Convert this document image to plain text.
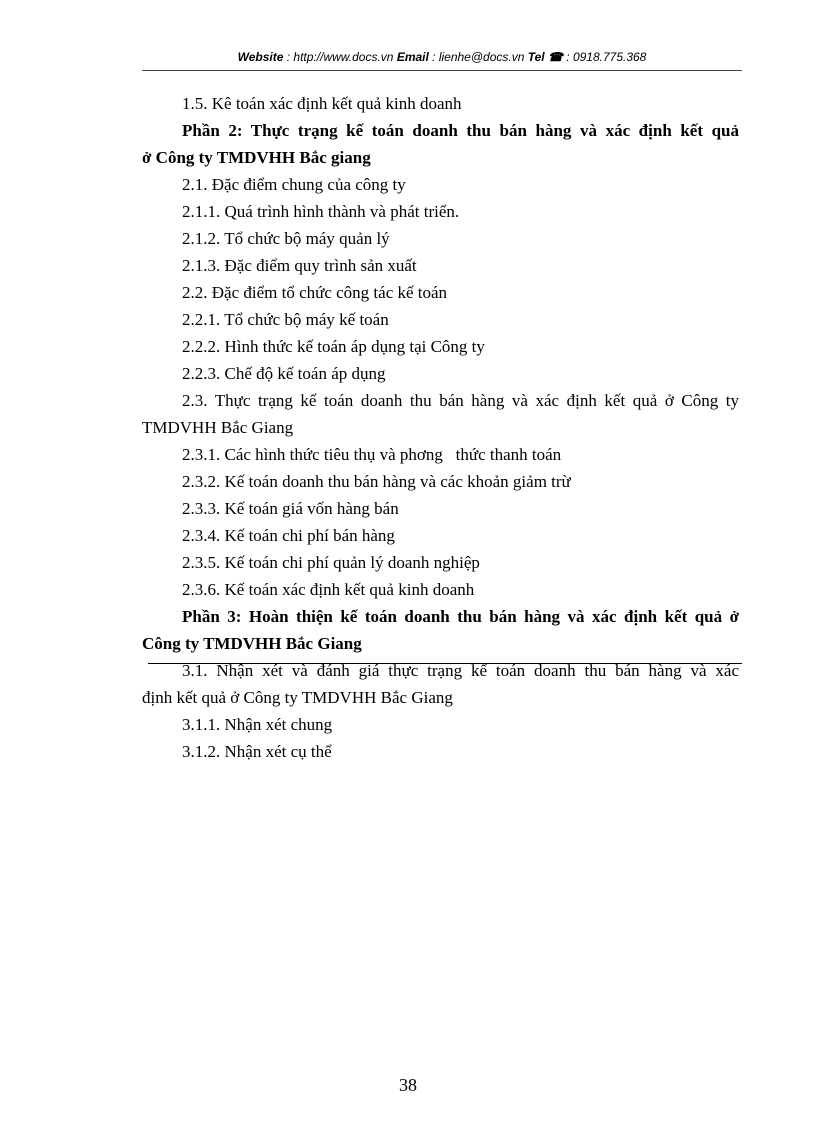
Website : http://www.docs.vn Email : lienhe@docs.vn Tel ☎ : 0918.775.368
1.5. Kê toán xác định kết quả kinh doanh
Phần 2: Thực trạng kế toán doanh thu bán hàng và xác định kết quả
ở Công ty TMDVHH Bắc giang
2.1. Đặc điểm chung của công ty
2.1.1. Quá trình hình thành và phát triển.
2.1.2. Tổ chức bộ máy quản lý
2.1.3. Đặc điểm quy trình sản xuất
2.2. Đặc điểm tổ chức công tác kế toán
2.2.1. Tổ chức bộ máy kế toán
2.2.2. Hình thức kế toán áp dụng tại Công ty
2.2.3. Chế độ kế toán áp dụng
2.3. Thực trạng kế toán doanh thu bán hàng và xác định kết quả ở Công ty
TMDVHH Bắc Giang
2.3.1. Các hình thức tiêu thụ và phơng   thức thanh toán
2.3.2. Kế toán doanh thu bán hàng và các khoản giảm trừ
2.3.3. Kế toán giá vốn hàng bán
2.3.4. Kế toán chi phí bán hàng
2.3.5. Kế toán chi phí quản lý doanh nghiệp
2.3.6. Kế toán xác định kết quả kinh doanh
Phần 3: Hoàn thiện kế toán doanh thu bán hàng và xác định kết quả ở
Công ty TMDVHH Bắc Giang
3.1. Nhận xét và đánh giá thực trạng kế toán doanh thu bán hàng và xác
định kết quả ở Công ty TMDVHH Bắc Giang
3.1.1. Nhận xét chung
3.1.2. Nhận xét cụ thể
38
